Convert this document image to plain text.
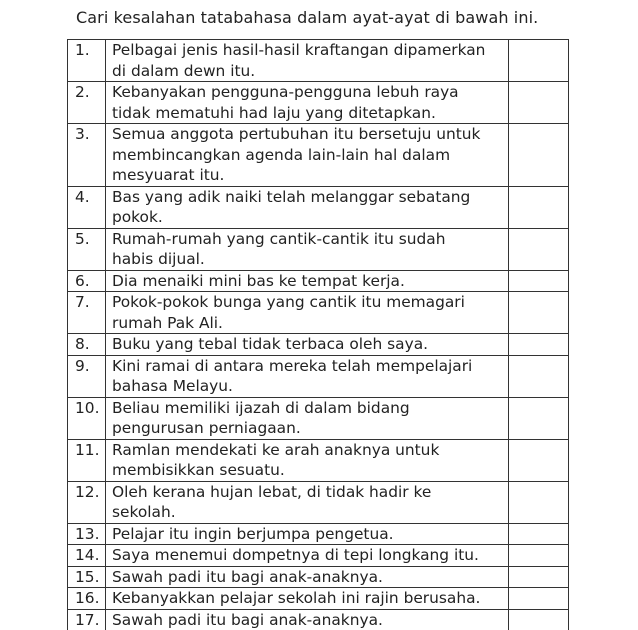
Cari kesalahan tatabahasa dalam ayat-ayat di bawah ini.
1.	Pelbagai jenis hasil-hasil kraftangan dipamerkan
di dalam dewn itu.	

2.	Kebanyakan pengguna-pengguna lebuh raya
tidak mematuhi had laju yang ditetapkan.	

3.	Semua anggota pertubuhan itu bersetuju untuk
membincangkan agenda lain-lain hal dalam
mesyuarat itu.	

4.	Bas yang adik naiki telah melanggar sebatang
pokok.	

5.	Rumah-rumah yang cantik-cantik itu sudah
habis dijual.	

6.	Dia menaiki mini bas ke tempat kerja.	

7.	Pokok-pokok bunga yang cantik itu memagari
rumah Pak Ali.	

8.	Buku yang tebal tidak terbaca oleh saya.	

9.	Kini ramai di antara mereka telah mempelajari
bahasa Melayu.	

10.	Beliau memiliki ijazah di dalam bidang
pengurusan perniagaan.	

11.	Ramlan mendekati ke arah anaknya untuk
membisikkan sesuatu.	

12.	Oleh kerana hujan lebat, di tidak hadir ke
sekolah.	

13.	Pelajar itu ingin berjumpa pengetua.	

14.	Saya menemui dompetnya di tepi longkang itu.	

15.	Sawah padi itu bagi anak-anaknya.	

16.	Kebanyakkan pelajar sekolah ini rajin berusaha.	

17.	Sawah padi itu bagi anak-anaknya.	
